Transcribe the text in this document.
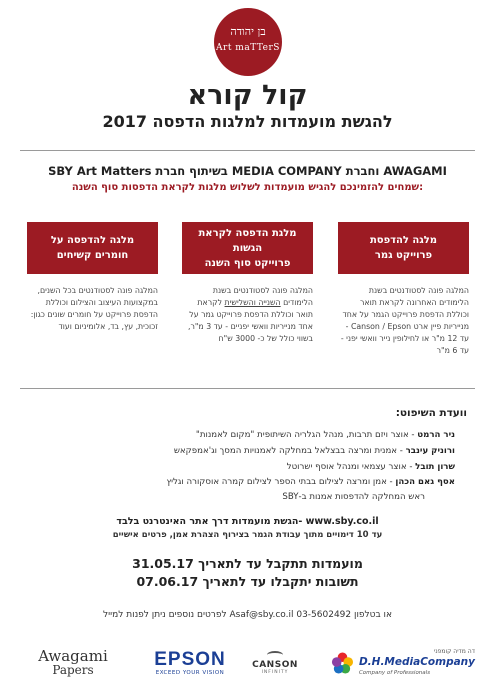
בן יהודה
Art maTTerS
קול קורא
להגשת מועמדות למלגות הדפסה 2017
SBY Art Matters בשיתוף חברת MEDIA COMPANY וחברת AWAGAMI
שמחים להזמינכם להגיש מועמדות לשלוש מלגות לקראת הדפסות סוף השנה:
מלגה להדפסת
פרוייקט גמר
מלגת הדפסה לקראת
הגשות
פרוייקט סוף השנה
מלגה להדפסה על
חומרים קשיחים
המלגה פונה לסטודנטים בשנת הלימודים האחרונה לקראת תואר וכוללת הדפסת פרוייקט הגמר על אחד מנייריות פיין ארט Canson / Epson - עד 12 מ"ר או לחילופין נייר וואשי יפני - עד 6 מ"ר
המלגה פונה לסטודנטים בשנת הלימודים השנייה והשלישית לקראת תואר וכוללת הדפסת פרוייקט גמר על אחד מנייריות וואשי יפניים - עד 3 מ"ר, בשווי כולל של כ- 3000 ש"ח
המלגה פונה לסטודנטים בכל השנים, במקצועות העיצוב והצילום וכוללת הדפסת פרוייקט על חומרים שונים כגון: זכוכית, עץ, בד, אלומיניום ועוד
וועדת השיפוט:
ניר הרמט - אוצר ויזם תרבות, מנהל הגלריה השיתופית "מקום לאמנות"
ורוניק עינבר - אמנית ומרצה בבצלאל במחלקה לאמנויות המסך וג'אמפקאש
שרון תובל - אוצר עצמאי ומנהל אוסף ישרוטל
אסף גאם הכהן - אמן ומרצה לצילום בבתי הספר לצילום קמרה אוסקורה וגליץ
ראש המחלקה להדפסות אמנות ב-SBY
הגשת מועמדות דרך אתר האינטרנט בלבד- www.sby.co.il
עד 10 דימויים מתוך עבודת הגמר בצירוף הצהרת אמן, פרטים אישיים
מועמדות תתקבל עד לתאריך 31.05.17
תשובות יתקבלו עד לתאריך 07.06.17
לפרטים נוספים ניתן לפנות למייל Asaf@sby.co.il או בטלפון 03-5602492
Awagami
Papers
EPSON
EXCEED YOUR VISION
CANSON
INFINITY
דה מדיה קומפני
D.H.MediaCompany
Company of Professionals
